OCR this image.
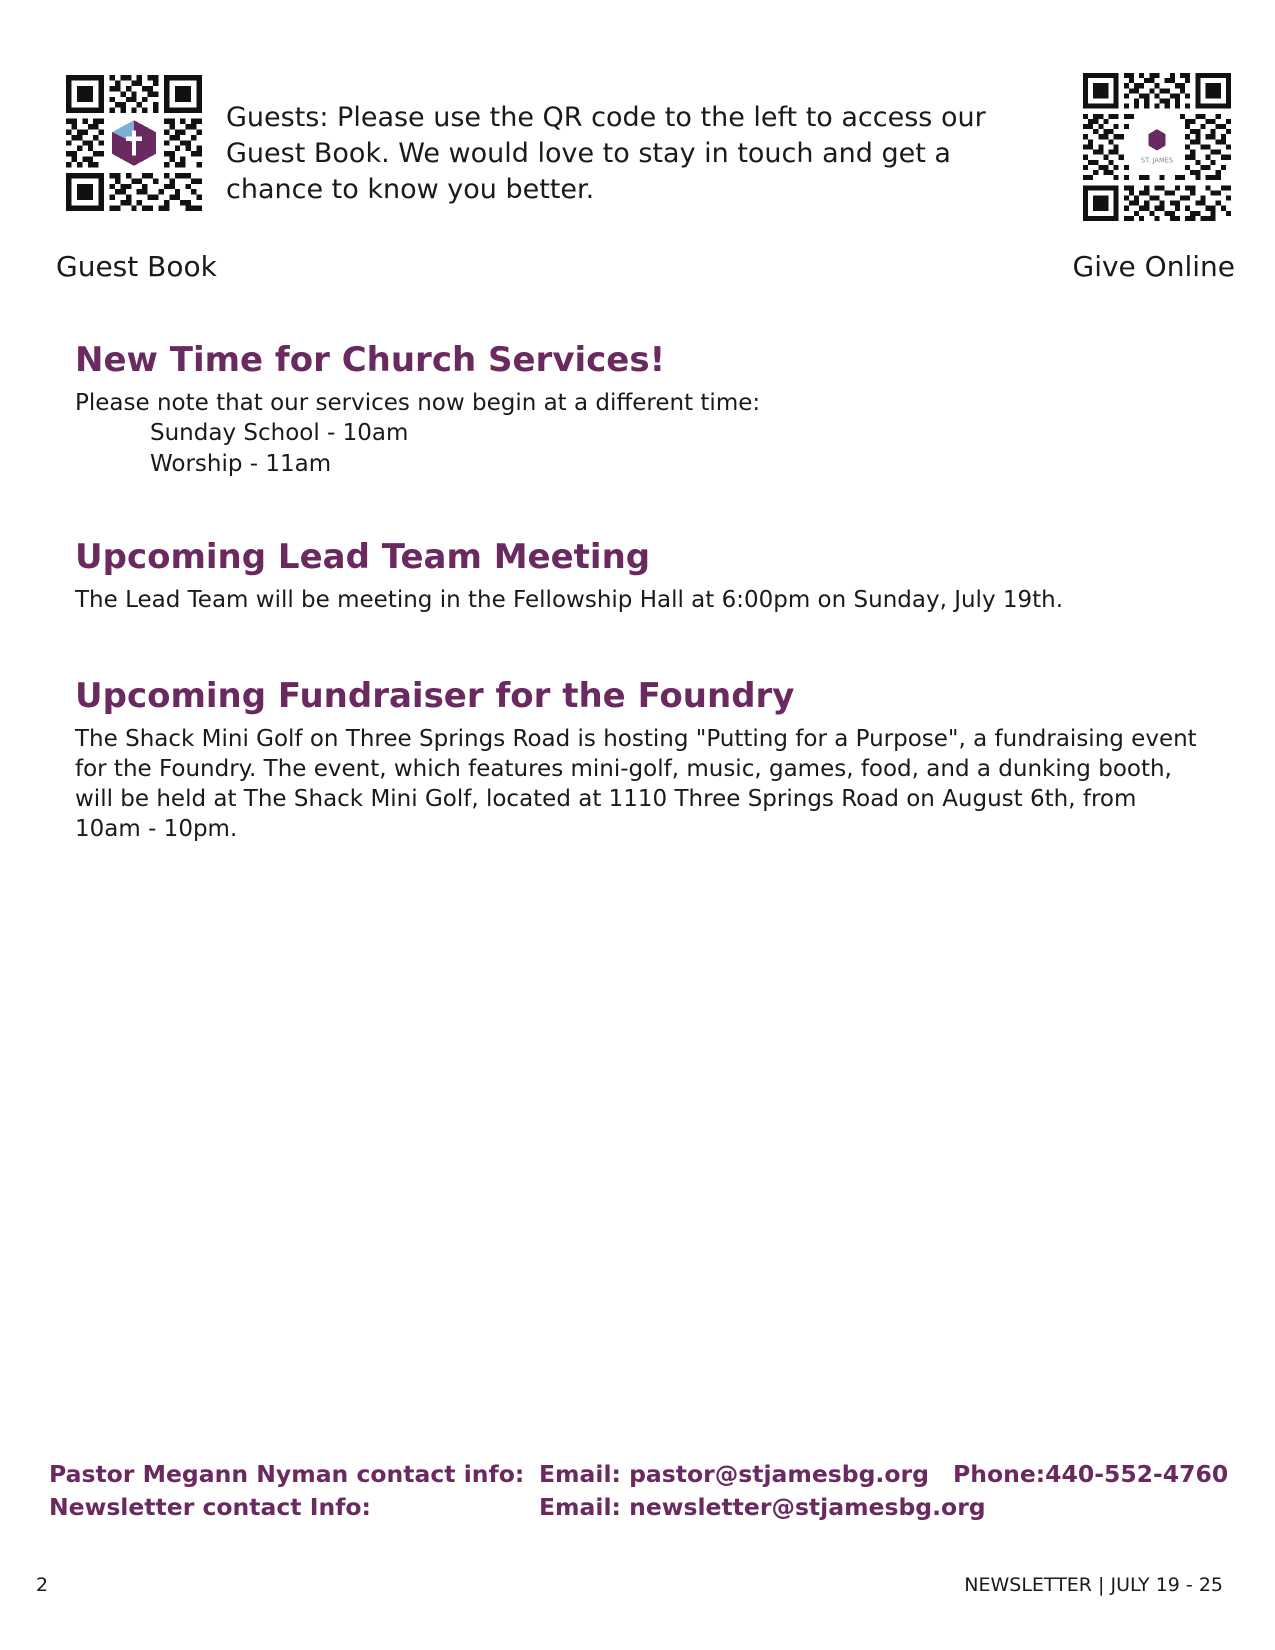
Guests: Please use the QR code to the left to access our Guest Book. We would love to stay in touch and get a chance to know you better.
ST. JAMES
Guest Book	Give Online
New Time for Church Services!

Please note that our services now begin at a different time:
Sunday School - 10am
Worship - 11am

Upcoming Lead Team Meeting

The Lead Team will be meeting in the Fellowship Hall at 6:00pm on Sunday, July 19th.

Upcoming Fundraiser for the Foundry

The Shack Mini Golf on Three Springs Road is hosting "Putting for a Purpose", a fundraising event for the Foundry. The event, which features mini-golf, music, games, food, and a dunking booth, will be held at The Shack Mini Golf, located at 1110 Three Springs Road on August 6th, from 10am - 10pm.

Pastor Megann Nyman contact info: Email: pastor@stjamesbg.org Phone:440-552-4760
Newsletter contact Info:	Email: newsletter@stjamesbg.org
2	NEWSLETTER | JULY 19 - 25
